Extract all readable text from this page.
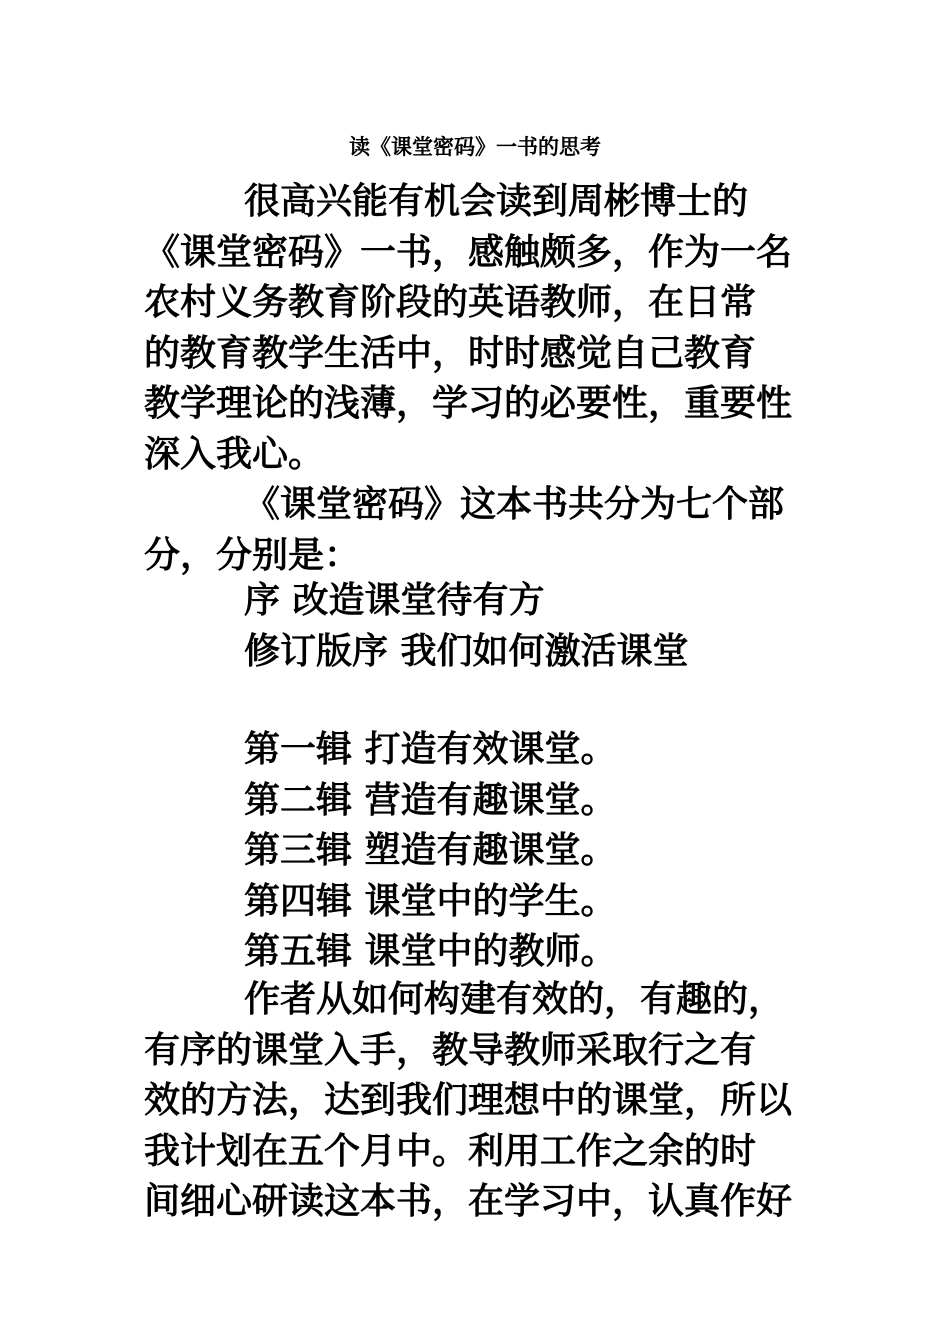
读《课堂密码》一书的思考
很高兴能有机会读到周彬博士的
《课堂密码》一书，感触颇多，作为一名
农村义务教育阶段的英语教师，在日常
的教育教学生活中，时时感觉自己教育
教学理论的浅薄，学习的必要性，重要性
深入我心。
《课堂密码》这本书共分为七个部
分，分别是：
序 改造课堂待有方
修订版序 我们如何激活课堂
第一辑 打造有效课堂。
第二辑 营造有趣课堂。
第三辑 塑造有趣课堂。
第四辑 课堂中的学生。
第五辑 课堂中的教师。
作者从如何构建有效的，有趣的，
有序的课堂入手，教导教师采取行之有
效的方法，达到我们理想中的课堂，所以
我计划在五个月中。利用工作之余的时
间细心研读这本书，在学习中，认真作好
